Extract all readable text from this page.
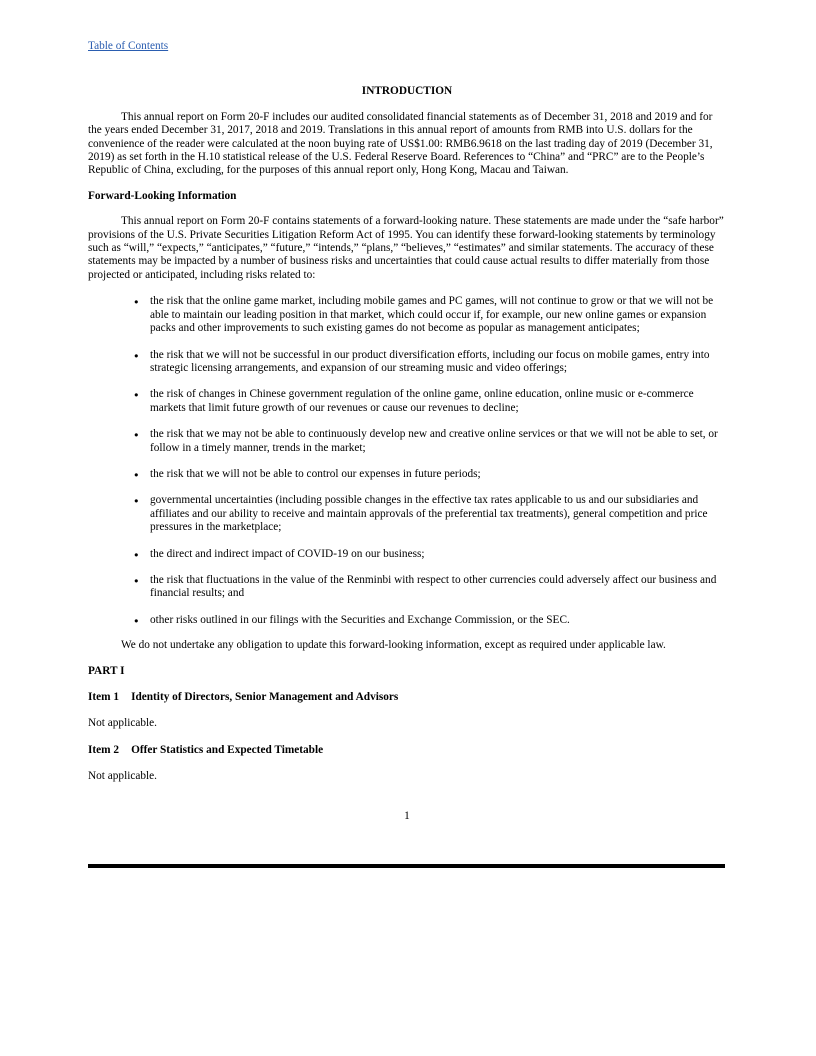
Table of Contents
INTRODUCTION

This annual report on Form 20-F includes our audited consolidated financial statements as of December 31, 2018 and 2019 and for the years ended December 31, 2017, 2018 and 2019. Translations in this annual report of amounts from RMB into U.S. dollars for the convenience of the reader were calculated at the noon buying rate of US$1.00: RMB6.9618 on the last trading day of 2019 (December 31, 2019) as set forth in the H.10 statistical release of the U.S. Federal Reserve Board. References to “China” and “PRC” are to the People’s Republic of China, excluding, for the purposes of this annual report only, Hong Kong, Macau and Taiwan.

Forward-Looking Information

This annual report on Form 20-F contains statements of a forward-looking nature. These statements are made under the “safe harbor” provisions of the U.S. Private Securities Litigation Reform Act of 1995. You can identify these forward-looking statements by terminology such as “will,” “expects,” “anticipates,” “future,” “intends,” “plans,” “believes,” “estimates” and similar statements. The accuracy of these statements may be impacted by a number of business risks and uncertainties that could cause actual results to differ materially from those projected or anticipated, including risks related to:

● the risk that the online game market, including mobile games and PC games, will not continue to grow or that we will not be able to maintain our leading position in that market, which could occur if, for example, our new online games or expansion packs and other improvements to such existing games do not become as popular as management anticipates;
● the risk that we will not be successful in our product diversification efforts, including our focus on mobile games, entry into strategic licensing arrangements, and expansion of our streaming music and video offerings;
● the risk of changes in Chinese government regulation of the online game, online education, online music or e-commerce markets that limit future growth of our revenues or cause our revenues to decline;
● the risk that we may not be able to continuously develop new and creative online services or that we will not be able to set, or follow in a timely manner, trends in the market;
● the risk that we will not be able to control our expenses in future periods;
● governmental uncertainties (including possible changes in the effective tax rates applicable to us and our subsidiaries and affiliates and our ability to receive and maintain approvals of the preferential tax treatments), general competition and price pressures in the marketplace;
● the direct and indirect impact of COVID-19 on our business;
● the risk that fluctuations in the value of the Renminbi with respect to other currencies could adversely affect our business and financial results; and
● other risks outlined in our filings with the Securities and Exchange Commission, or the SEC.

We do not undertake any obligation to update this forward-looking information, except as required under applicable law.

PART I
Item 1 Identity of Directors, Senior Management and Advisors
Not applicable.
Item 2 Offer Statistics and Expected Timetable
Not applicable.
1
